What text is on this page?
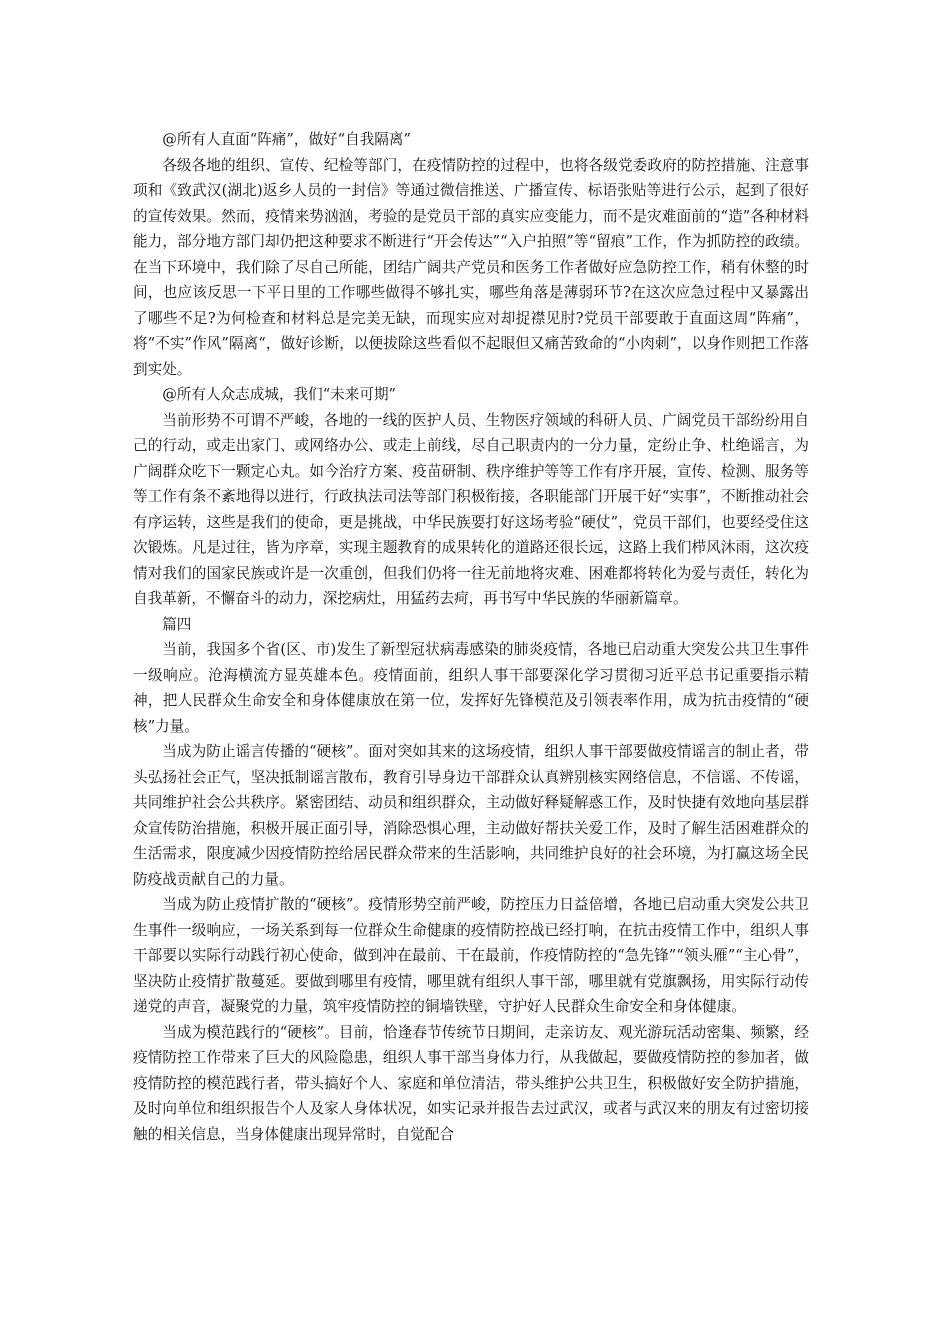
@所有人直面“阵痛”，做好“自我隔离”

各级各地的组织、宣传、纪检等部门，在疫情防控的过程中，也将各级党委政府的防控措施、注意事项和《致武汉(湖北)返乡人员的一封信》等通过微信推送、广播宣传、标语张贴等进行公示，起到了很好的宣传效果。然而，疫情来势汹汹，考验的是党员干部的真实应变能力，而不是灾难面前的“造”各种材料能力，部分地方部门却仍把这种要求不断进行“开会传达”“入户拍照”等“留痕”工作，作为抓防控的政绩。在当下环境中，我们除了尽自己所能，团结广阔共产党员和医务工作者做好应急防控工作，稍有休整的时间，也应该反思一下平日里的工作哪些做得不够扎实，哪些角落是薄弱环节?在这次应急过程中又暴露出了哪些不足?为何检查和材料总是完美无缺，而现实应对却捉襟见肘?党员干部要敢于直面这周“阵痛”，将“不实”作风”隔离“，做好诊断，以便拔除这些看似不起眼但又痛苦致命的“小肉刺”，以身作则把工作落到实处。

@所有人众志成城，我们“未来可期”

当前形势不可谓不严峻，各地的一线的医护人员、生物医疗领域的科研人员、广阔党员干部纷纷用自己的行动，或走出家门、或网络办公、或走上前线，尽自己职责内的一分力量，定纷止争、杜绝谣言，为广阔群众吃下一颗定心丸。如今治疗方案、疫苗研制、秩序维护等等工作有序开展，宣传、检测、服务等等工作有条不紊地得以进行，行政执法司法等部门积极衔接，各职能部门开展干好“实事”，不断推动社会有序运转，这些是我们的使命，更是挑战，中华民族要打好这场考验“硬仗”，党员干部们，也要经受住这次锻炼。凡是过往，皆为序章，实现主题教育的成果转化的道路还很长远，这路上我们栉风沐雨，这次疫情对我们的国家民族或许是一次重创，但我们仍将一往无前地将灾难、困难都将转化为爱与责任，转化为自我革新，不懈奋斗的动力，深挖病灶，用猛药去疴，再书写中华民族的华丽新篇章。

篇四

当前，我国多个省(区、市)发生了新型冠状病毒感染的肺炎疫情，各地已启动重大突发公共卫生事件一级响应。沧海横流方显英雄本色。疫情面前，组织人事干部要深化学习贯彻习近平总书记重要指示精神，把人民群众生命安全和身体健康放在第一位，发挥好先锋模范及引领表率作用，成为抗击疫情的“硬核”力量。

当成为防止谣言传播的“硬核”。面对突如其来的这场疫情，组织人事干部要做疫情谣言的制止者，带头弘扬社会正气，坚决抵制谣言散布，教育引导身边干部群众认真辨别核实网络信息，不信谣、不传谣，共同维护社会公共秩序。紧密团结、动员和组织群众，主动做好释疑解惑工作，及时快捷有效地向基层群众宣传防治措施，积极开展正面引导，消除恐惧心理，主动做好帮扶关爱工作，及时了解生活困难群众的生活需求，限度减少因疫情防控给居民群众带来的生活影响，共同维护良好的社会环境，为打赢这场全民防疫战贡献自己的力量。

当成为防止疫情扩散的“硬核”。疫情形势空前严峻，防控压力日益倍增，各地已启动重大突发公共卫生事件一级响应，一场关系到每一位群众生命健康的疫情防控战已经打响，在抗击疫情工作中，组织人事干部要以实际行动践行初心使命，做到冲在最前、干在最前，作疫情防控的“急先锋”“领头雁”“主心骨”，坚决防止疫情扩散蔓延。要做到哪里有疫情，哪里就有组织人事干部，哪里就有党旗飘扬，用实际行动传递党的声音，凝聚党的力量，筑牢疫情防控的铜墙铁壁，守护好人民群众生命安全和身体健康。

当成为模范践行的“硬核”。目前，恰逢春节传统节日期间，走亲访友、观光游玩活动密集、频繁，经疫情防控工作带来了巨大的风险隐患，组织人事干部当身体力行，从我做起，要做疫情防控的参加者，做疫情防控的模范践行者，带头搞好个人、家庭和单位清洁，带头维护公共卫生，积极做好安全防护措施，及时向单位和组织报告个人及家人身体状况，如实记录并报告去过武汉，或者与武汉来的朋友有过密切接触的相关信息，当身体健康出现异常时，自觉配合
